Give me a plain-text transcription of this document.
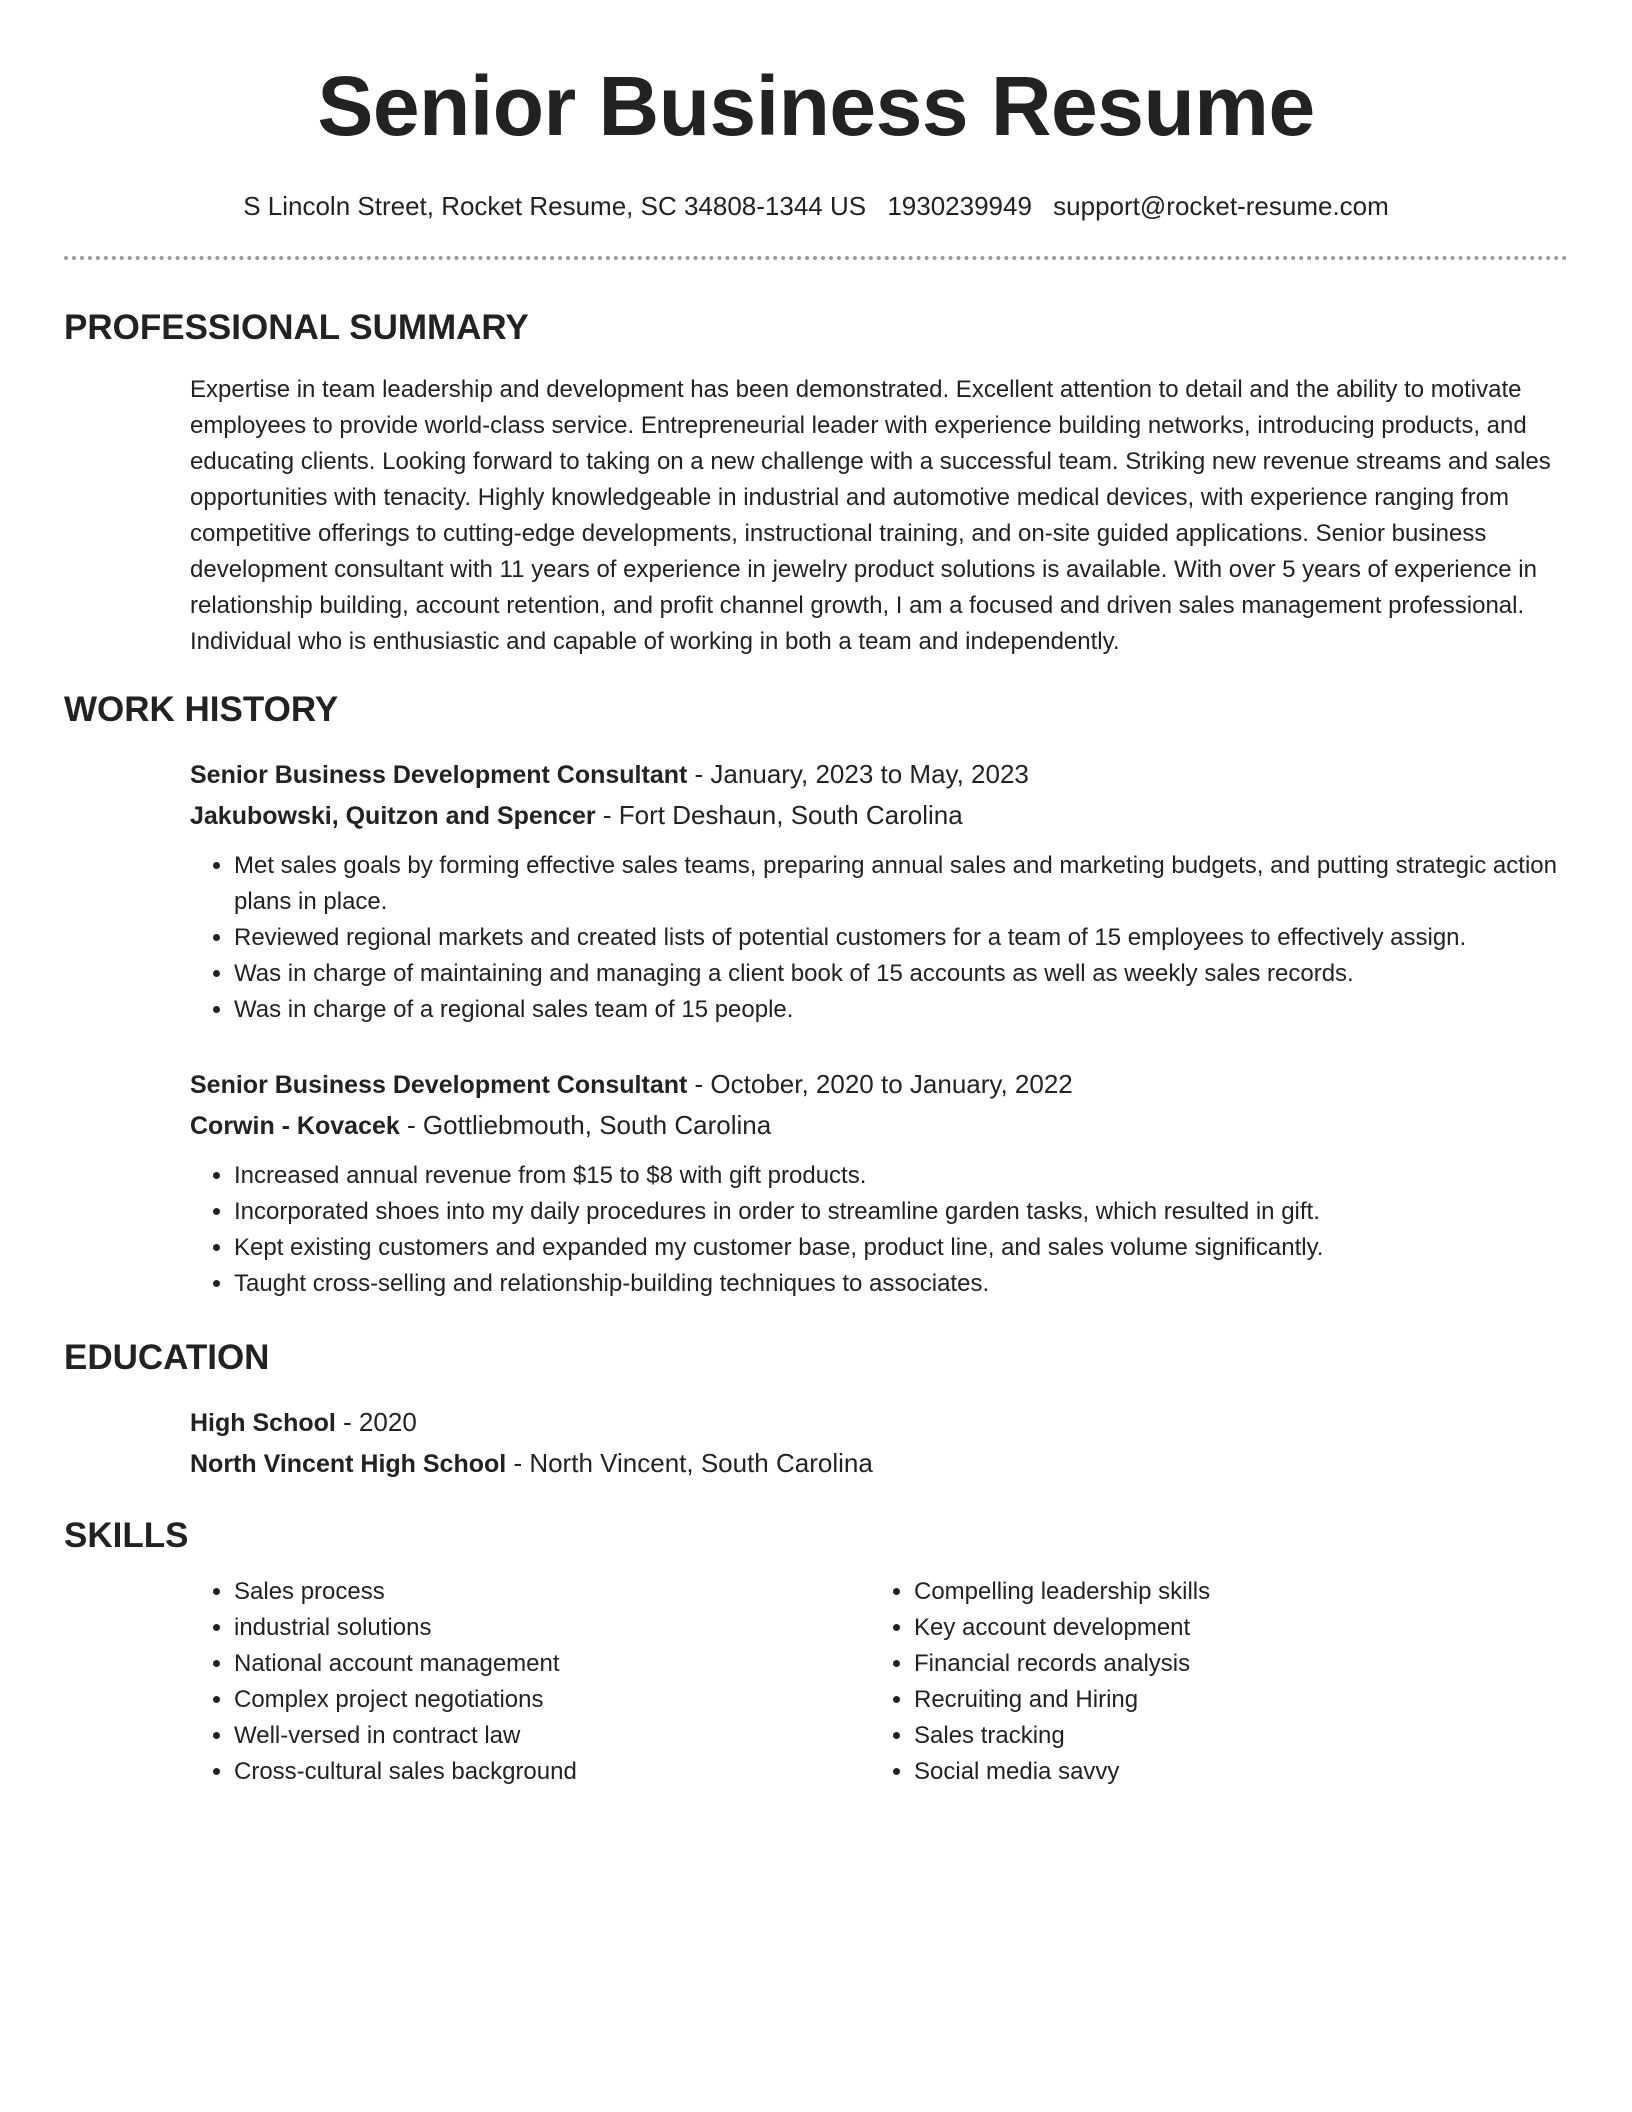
Senior Business Resume
S Lincoln Street, Rocket Resume, SC 34808-1344 US 1930239949 support@rocket-resume.com
PROFESSIONAL SUMMARY
Expertise in team leadership and development has been demonstrated. Excellent attention to detail and the ability to motivate employees to provide world-class service. Entrepreneurial leader with experience building networks, introducing products, and educating clients. Looking forward to taking on a new challenge with a successful team. Striking new revenue streams and sales opportunities with tenacity. Highly knowledgeable in industrial and automotive medical devices, with experience ranging from competitive offerings to cutting-edge developments, instructional training, and on-site guided applications. Senior business development consultant with 11 years of experience in jewelry product solutions is available. With over 5 years of experience in relationship building, account retention, and profit channel growth, I am a focused and driven sales management professional. Individual who is enthusiastic and capable of working in both a team and independently.
WORK HISTORY
Senior Business Development Consultant - January, 2023 to May, 2023
Jakubowski, Quitzon and Spencer - Fort Deshaun, South Carolina
• Met sales goals by forming effective sales teams, preparing annual sales and marketing budgets, and putting strategic action plans in place.
• Reviewed regional markets and created lists of potential customers for a team of 15 employees to effectively assign.
• Was in charge of maintaining and managing a client book of 15 accounts as well as weekly sales records.
• Was in charge of a regional sales team of 15 people.
Senior Business Development Consultant - October, 2020 to January, 2022
Corwin - Kovacek - Gottliebmouth, South Carolina
• Increased annual revenue from $15 to $8 with gift products.
• Incorporated shoes into my daily procedures in order to streamline garden tasks, which resulted in gift.
• Kept existing customers and expanded my customer base, product line, and sales volume significantly.
• Taught cross-selling and relationship-building techniques to associates.
EDUCATION
High School - 2020
North Vincent High School - North Vincent, South Carolina
SKILLS
• Sales process
• industrial solutions
• National account management
• Complex project negotiations
• Well-versed in contract law
• Cross-cultural sales background
• Compelling leadership skills
• Key account development
• Financial records analysis
• Recruiting and Hiring
• Sales tracking
• Social media savvy
